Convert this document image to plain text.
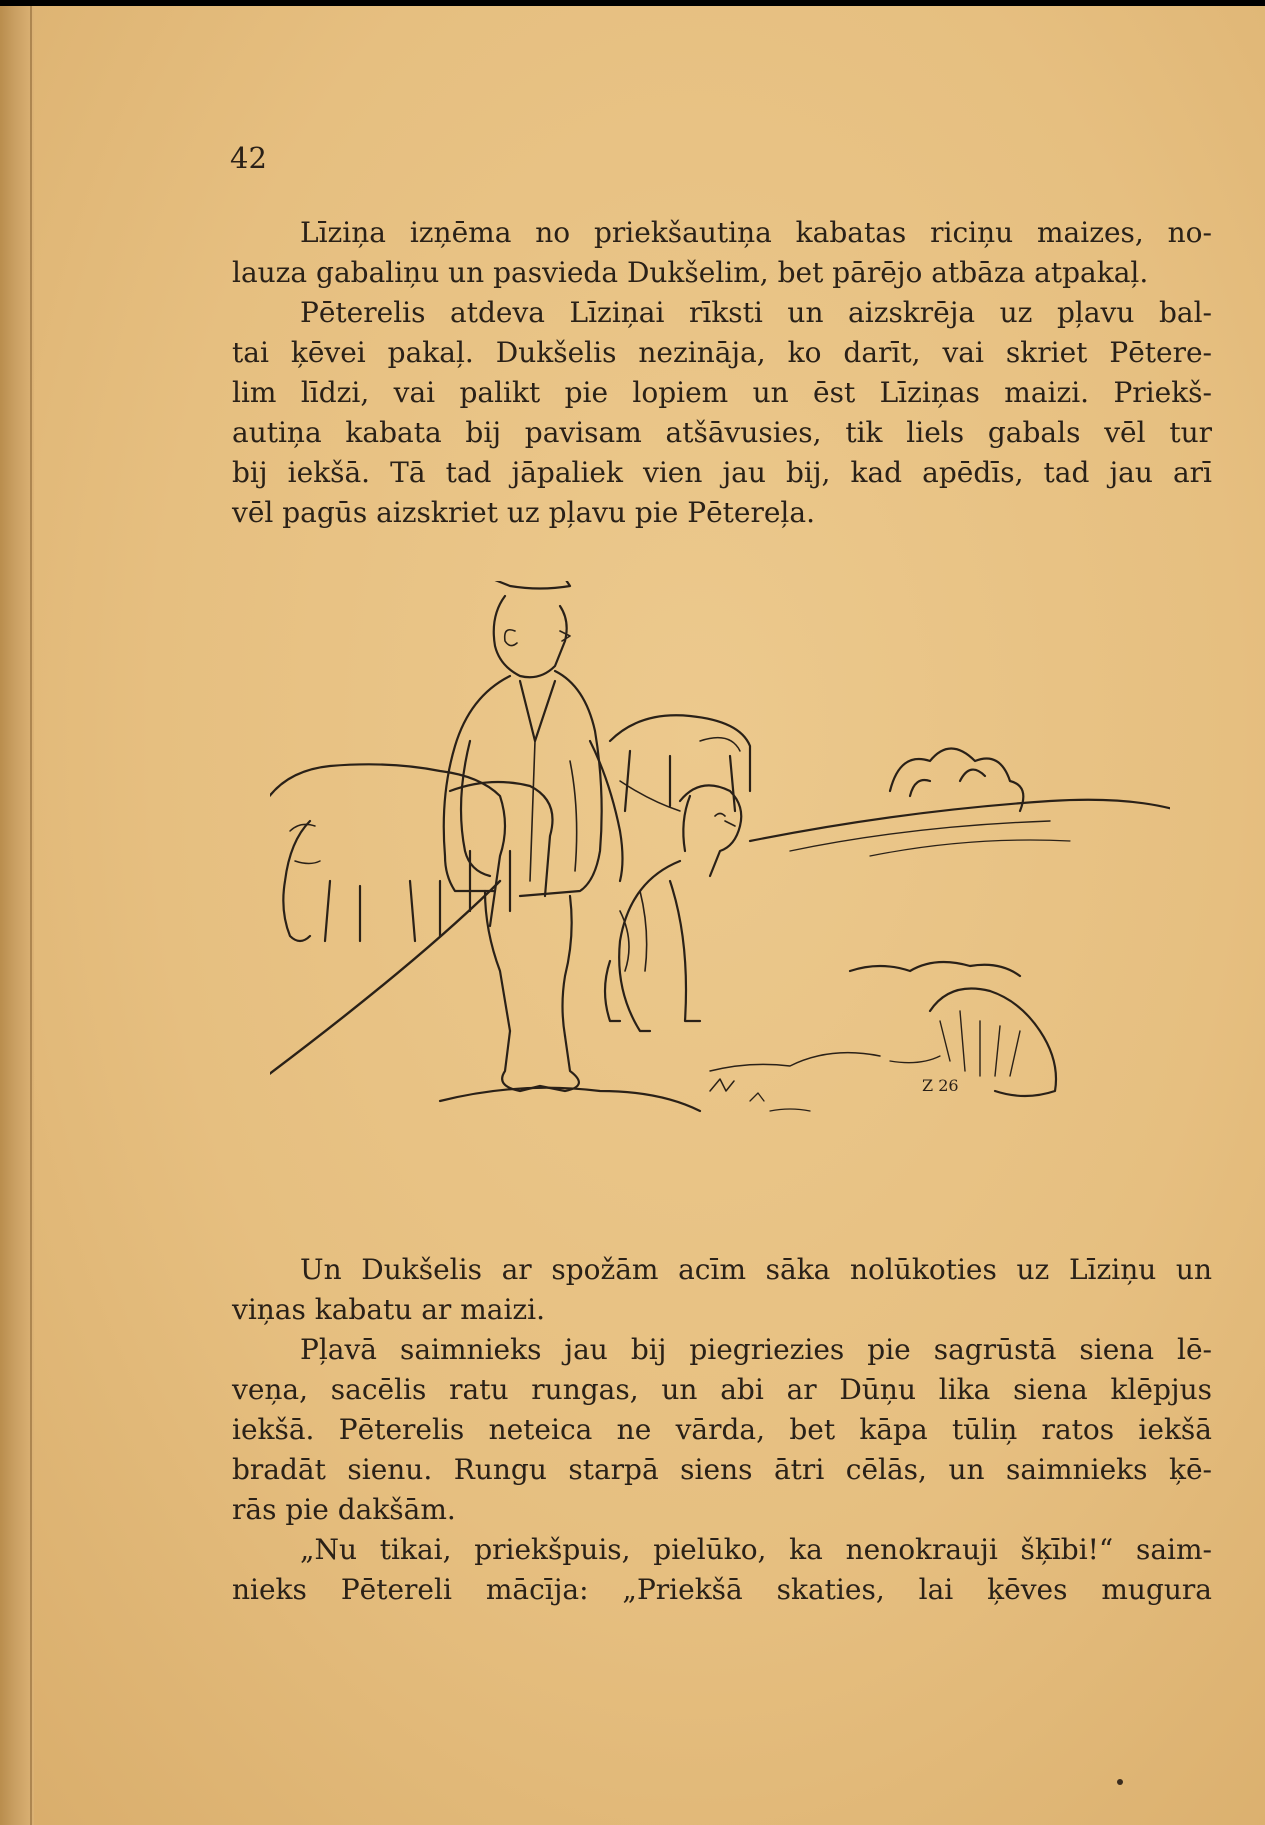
42
Līziņa izņēma no priekšautiņa kabatas riciņu maizes, no-
lauza gabaliņu un pasvieda Dukšelim, bet pārējo atbāza atpakaļ.
Pēterelis atdeva Līziņai rīksti un aizskrēja uz pļavu bal-
tai ķēvei pakaļ. Dukšelis nezināja, ko darīt, vai skriet Pētere-
lim līdzi, vai palikt pie lopiem un ēst Līziņas maizi. Priekš-
autiņa kabata bij pavisam atšāvusies, tik liels gabals vēl tur
bij iekšā. Tā tad jāpaliek vien jau bij, kad apēdīs, tad jau arī
vēl pagūs aizskriet uz pļavu pie Pētereļa.
Z 26
Un Dukšelis ar spožām acīm sāka nolūkoties uz Līziņu un
viņas kabatu ar maizi.
Pļavā saimnieks jau bij piegriezies pie sagrūstā siena lē-
veņa, sacēlis ratu rungas, un abi ar Dūņu lika siena klēpjus
iekšā. Pēterelis neteica ne vārda, bet kāpa tūliņ ratos iekšā
bradāt sienu. Rungu starpā siens ātri cēlās, un saimnieks ķē-
rās pie dakšām.
„Nu tikai, priekšpuis, pielūko, ka nenokrauji šķībi!“ saim-
nieks Pētereli mācīja: „Priekšā skaties, lai ķēves mugura
